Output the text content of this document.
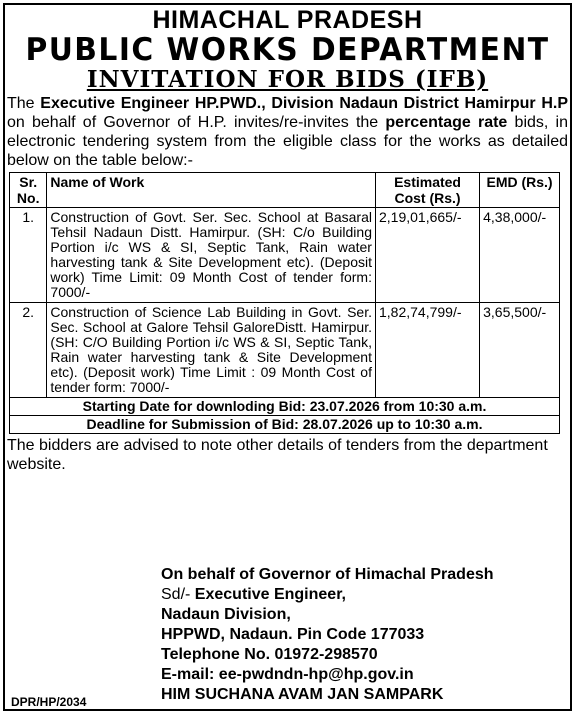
HIMACHAL PRADESH
PUBLIC WORKS DEPARTMENT
INVITATION FOR BIDS (IFB)
The Executive Engineer HP.PWD., Division Nadaun District Hamirpur H.P on behalf of Governor of H.P. invites/re-invites the percentage rate bids, in electronic tendering system from the eligible class for the works as detailed below on the table below:-
Sr. No.	Name of Work	Estimated Cost (Rs.)	EMD (Rs.)
1.	Construction of Govt. Ser. Sec. School at Basaral Tehsil Nadaun Distt. Hamirpur. (SH: C/o Building Portion i/c WS & SI, Septic Tank, Rain water harvesting tank & Site Development etc). (Deposit work) Time Limit: 09 Month Cost of tender form: 7000/-	2,19,01,665/-	4,38,000/-
2.	Construction of Science Lab Building in Govt. Ser. Sec. School at Galore Tehsil GaloreDistt. Hamirpur. (SH: C/O Building Portion i/c WS & SI, Septic Tank, Rain water harvesting tank & Site Development etc). (Deposit work) Time Limit : 09 Month Cost of tender form: 7000/-	1,82,74,799/-	3,65,500/-
Starting Date for downloding Bid: 23.07.2026 from 10:30 a.m.			
Deadline for Submission of Bid: 28.07.2026 up to 10:30 a.m.			
The bidders are advised to note other details of tenders from the department website.
On behalf of Governor of Himachal Pradesh
Sd/- Executive Engineer,
Nadaun Division,
HPPWD, Nadaun. Pin Code 177033
Telephone No. 01972-298570
E-mail: ee-pwdndn-hp@hp.gov.in
HIM SUCHANA AVAM JAN SAMPARK
DPR/HP/2034
